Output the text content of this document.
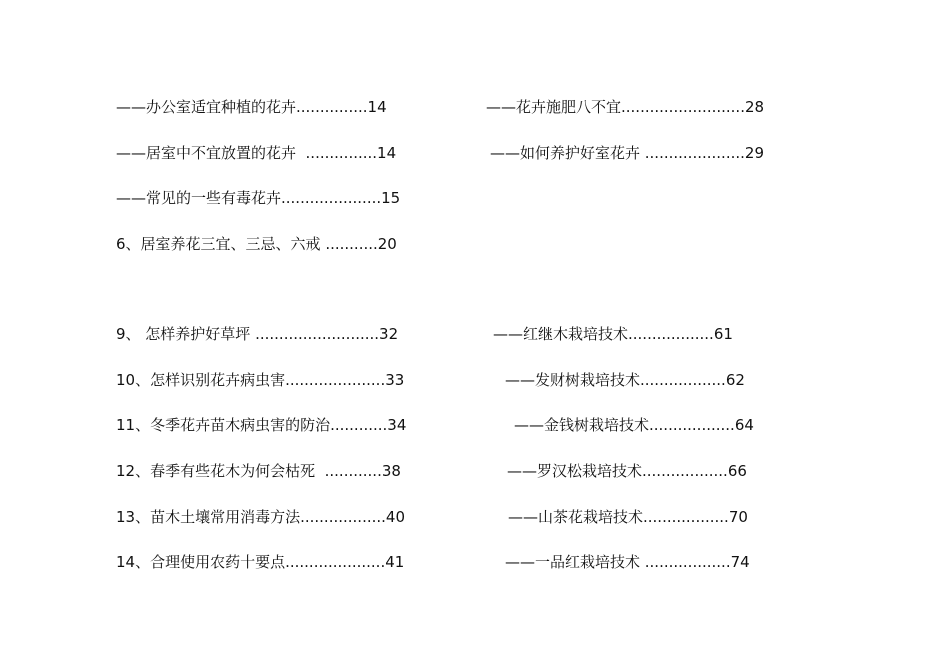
——办公室适宜种植的花卉...............14
——居室中不宜放置的花卉  ...............14
——常见的一些有毒花卉.....................15
6、居室养花三宜、三忌、六戒 ...........20
9、 怎样养护好草坪 ..........................32
10、怎样识别花卉病虫害.....................33
11、冬季花卉苗木病虫害的防治............34
12、春季有些花木为何会枯死  ............38
13、苗木土壤常用消毒方法..................40
14、合理使用农药十要点.....................41
——花卉施肥八不宜..........................28
——如何养护好室花卉 .....................29
——红继木栽培技术..................61
——发财树栽培技术..................62
——金钱树栽培技术..................64
——罗汉松栽培技术..................66
——山茶花栽培技术..................70
——一品红栽培技术 ..................74
